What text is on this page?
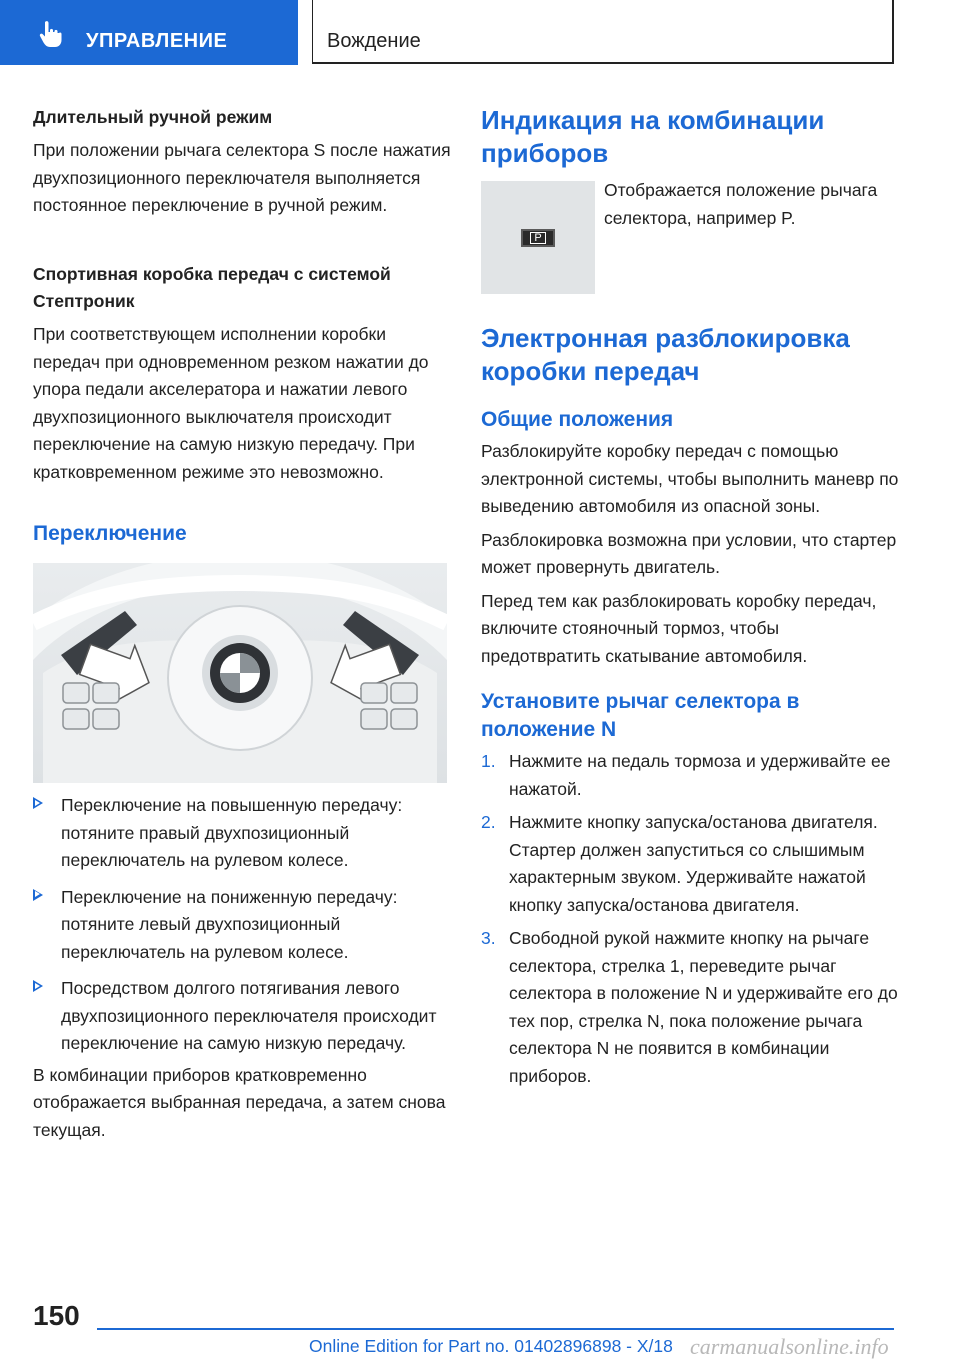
УПРАВЛЕНИЕ	Вождение

Длительный ручной режим

При положении рычага селектора S после нажатия двухпозиционного переключателя выполняется постоянное переключение в ручной режим.

Спортивная коробка передач с системой Стептроник

При соответствующем исполнении коробки передач при одновременном резком нажатии до упора педали акселератора и нажатии левого двухпозиционного выключателя происходит переключение на самую низкую передачу. При кратковременном режиме это невозможно.

Переключение

Переключение на повышенную передачу: потяните правый двухпозиционный переключатель на рулевом колесе.

Переключение на пониженную передачу: потяните левый двухпозиционный переключатель на рулевом колесе.

Посредством долгого потягивания левого двухпозиционного переключателя происходит переключение на самую низкую передачу.

В комбинации приборов кратковременно отображается выбранная передача, а затем снова текущая.

Индикация на комбинации приборов

Отображается положение рычага селектора, например P.

Электронная разблокировка коробки передач

Общие положения

Разблокируйте коробку передач с помощью электронной системы, чтобы выполнить маневр по выведению автомобиля из опасной зоны.

Разблокировка возможна при условии, что стартер может провернуть двигатель.

Перед тем как разблокировать коробку передач, включите стояночный тормоз, чтобы предотвратить скатывание автомобиля.

Установите рычаг селектора в положение N

1. Нажмите на педаль тормоза и удерживайте ее нажатой.

2. Нажмите кнопку запуска/останова двигателя. Стартер должен запуститься со слышимым характерным звуком. Удерживайте нажатой кнопку запуска/останова двигателя.

3. Свободной рукой нажмите кнопку на рычаге селектора, стрелка 1, переведите рычаг селектора в положение N и удерживайте его до тех пор, стрелка N, пока положение рычага селектора N не появится в комбинации приборов.

P
150
Online Edition for Part no. 01402896898 - X/18 carmanualsonline.info
